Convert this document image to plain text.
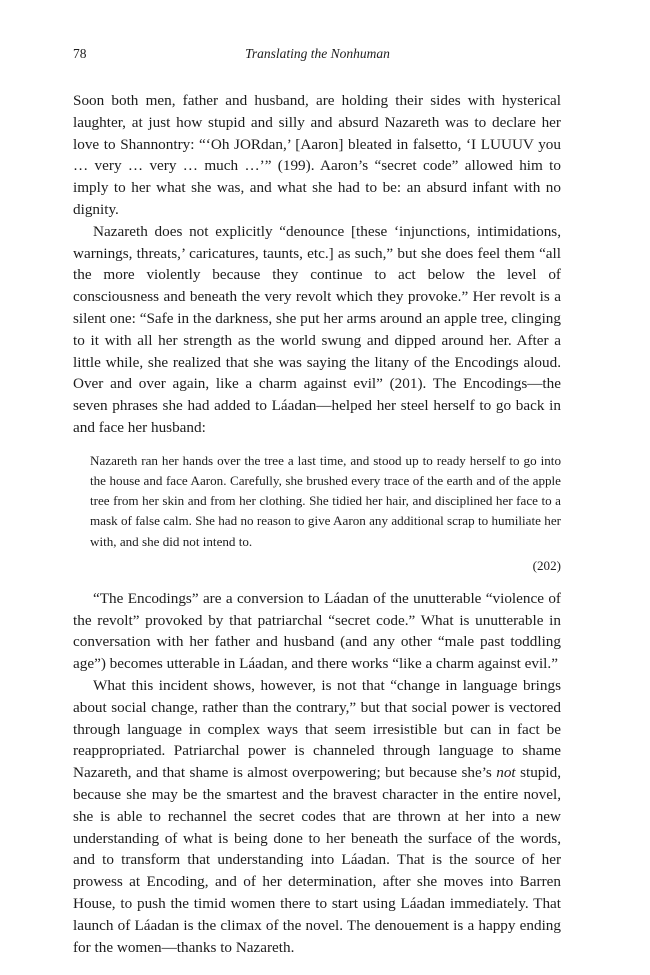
78	Translating the Nonhuman

Soon both men, father and husband, are holding their sides with hysterical laughter, at just how stupid and silly and absurd Nazareth was to declare her love to Shannontry: “‘Oh JORdan,’ [Aaron] bleated in falsetto, ‘I LUUUV you … very … very … much …’” (199). Aaron’s “secret code” allowed him to imply to her what she was, and what she had to be: an absurd infant with no dignity.

Nazareth does not explicitly “denounce [these ‘injunctions, intimidations, warnings, threats,’ caricatures, taunts, etc.] as such,” but she does feel them “all the more violently because they continue to act below the level of consciousness and beneath the very revolt which they provoke.” Her revolt is a silent one: “Safe in the darkness, she put her arms around an apple tree, clinging to it with all her strength as the world swung and dipped around her. After a little while, she realized that she was saying the litany of the Encodings aloud. Over and over again, like a charm against evil” (201). The Encodings—the seven phrases she had added to Láadan—helped her steel herself to go back in and face her husband:

Nazareth ran her hands over the tree a last time, and stood up to ready herself to go into the house and face Aaron. Carefully, she brushed every trace of the earth and of the apple tree from her skin and from her clothing. She tidied her hair, and disciplined her face to a mask of false calm. She had no reason to give Aaron any additional scrap to humiliate her with, and she did not intend to.
(202)

“The Encodings” are a conversion to Láadan of the unutterable “violence of the revolt” provoked by that patriarchal “secret code.” What is unutterable in conversation with her father and husband (and any other “male past toddling age”) becomes utterable in Láadan, and there works “like a charm against evil.”

What this incident shows, however, is not that “change in language brings about social change, rather than the contrary,” but that social power is vectored through language in complex ways that seem irresistible but can in fact be reappropriated. Patriarchal power is channeled through language to shame Nazareth, and that shame is almost overpowering; but because she’s not stupid, because she may be the smartest and the bravest character in the entire novel, she is able to rechannel the secret codes that are thrown at her into a new understanding of what is being done to her beneath the surface of the words, and to transform that understanding into Láadan. That is the source of her prowess at Encoding, and of her determination, after she moves into Barren House, to push the timid women there to start using Láadan immediately. That launch of Láadan is the climax of the novel. The denouement is a happy ending for the women—thanks to Nazareth.
